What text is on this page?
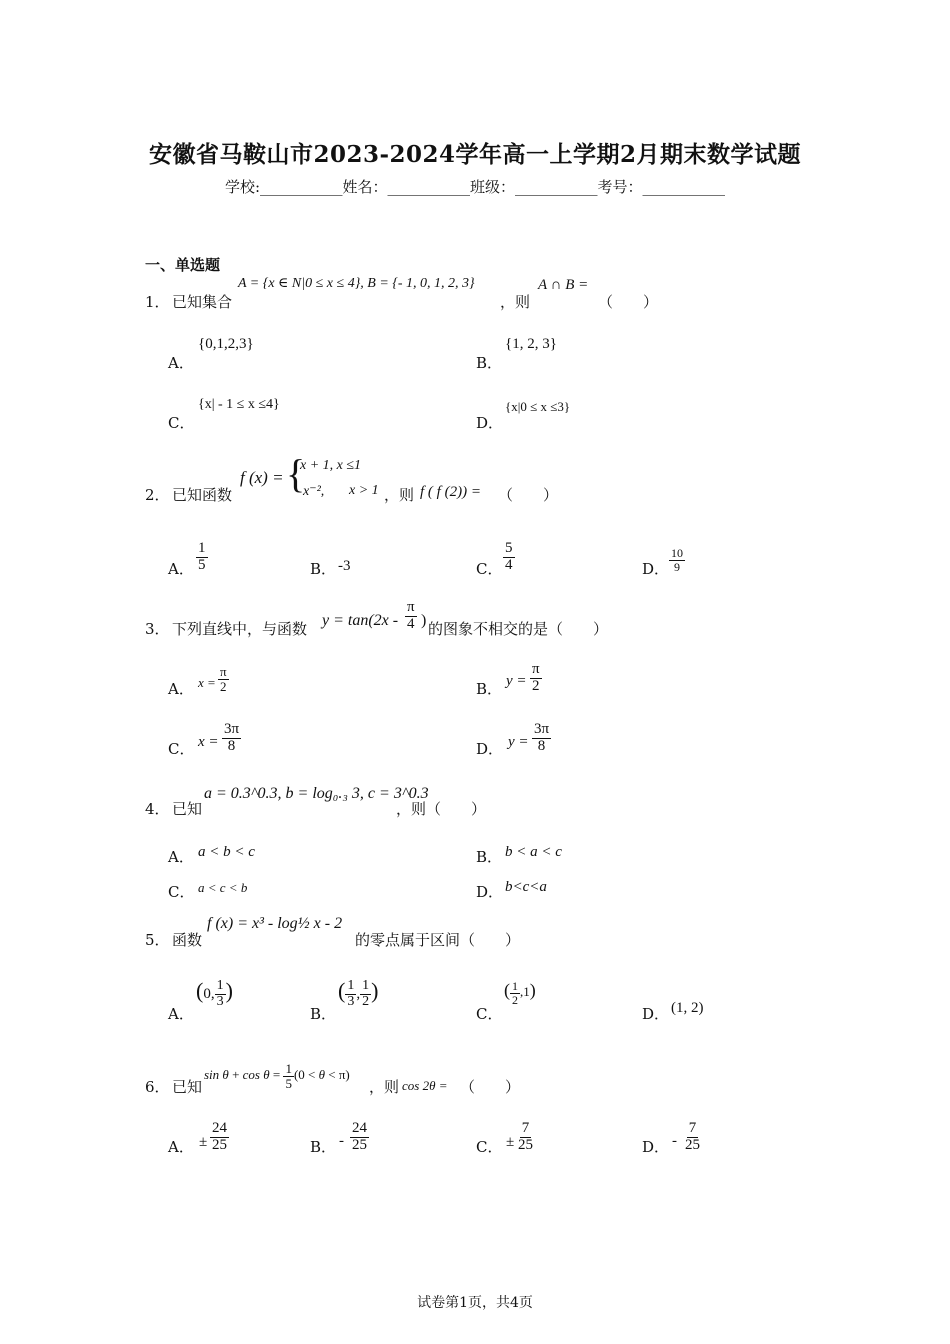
安徽省马鞍山市2023-2024学年高一上学期2月期末数学试题
学校:___________姓名：___________班级：___________考号：___________
一、单选题
1． 已知集合
A = {x ∈ N|0 ≤ x ≤ 4}, B = {- 1, 0, 1, 2, 3}
，则
A ∩ B =
（　　）
A．
{0,1,2,3}
B．
{1, 2, 3}
C．
{x| - 1 ≤ x ≤4}
D．
{x|0 ≤ x ≤3}
2． 已知函数
f (x) = {
x + 1, x ≤1
x⁻², x > 1 ，则 f ( f (2)) = （　　）
A． $\frac{1}{5}$	B． -3	C． $\frac{5}{4}$	D． $\frac{10}{9}$
3． 下列直线中，与函数 $y = \tan(2x - \frac{\pi}{4}$ ) 的图象不相交的是（　　）
A． $x = \frac{\pi}{2}$	B． $y = \frac{\pi}{2}$
C． $x = \frac{3\pi}{8}$	D． $y = \frac{3\pi}{8}$
4． 已知
a = 0.3^0.3, b = log₀.₃ 3, c = 3^0.3
，则（　　）
A． a < b < c	B． b < a < c
C． a < c < b	D． b<c<a
5． 函数
f (x) = x³ - log½ x - 2
的零点属于区间（　　）
A．
(0, $\frac{1}{3}$ )
B．
( $\frac{1}{3}$ , $\frac{1}{2}$ )
C．
( $\frac{1}{2} ,1$)
D． (1, 2)
6． 已知
$\sin \theta + \cos \theta = \frac{1}{5} (0 < \theta < \pi)$
，则 cos 2θ = （　　）
A． ± $\frac{24}{25}$	B． - $\frac{24}{25}$	C． ± $\frac{7}{25}$	D． - $\frac{7}{25}$
试卷第1页，共4页
